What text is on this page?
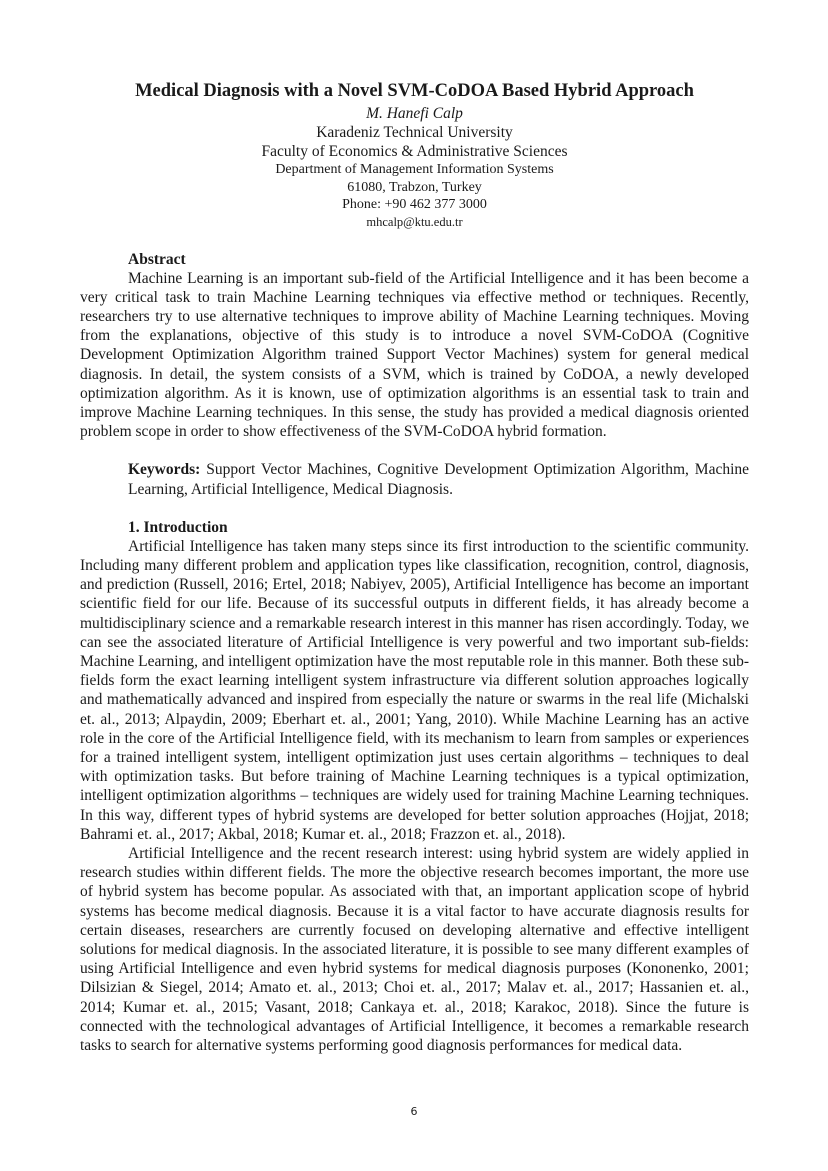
Medical Diagnosis with a Novel SVM-CoDOA Based Hybrid Approach
M. Hanefi Calp
Karadeniz Technical University
Faculty of Economics & Administrative Sciences
Department of Management Information Systems
61080, Trabzon, Turkey
Phone: +90 462 377 3000
mhcalp@ktu.edu.tr
Abstract

Machine Learning is an important sub-field of the Artificial Intelligence and it has been become a very critical task to train Machine Learning techniques via effective method or techniques. Recently, researchers try to use alternative techniques to improve ability of Machine Learning techniques. Moving from the explanations, objective of this study is to introduce a novel SVM-CoDOA (Cognitive Development Optimization Algorithm trained Support Vector Machines) system for general medical diagnosis. In detail, the system consists of a SVM, which is trained by CoDOA, a newly developed optimization algorithm. As it is known, use of optimization algorithms is an essential task to train and improve Machine Learning techniques. In this sense, the study has provided a medical diagnosis oriented problem scope in order to show effectiveness of the SVM-CoDOA hybrid formation.

Keywords: Support Vector Machines, Cognitive Development Optimization Algorithm, Machine Learning, Artificial Intelligence, Medical Diagnosis.

1. Introduction

Artificial Intelligence has taken many steps since its first introduction to the scientific community. Including many different problem and application types like classification, recognition, control, diagnosis, and prediction (Russell, 2016; Ertel, 2018; Nabiyev, 2005), Artificial Intelligence has become an important scientific field for our life. Because of its successful outputs in different fields, it has already become a multidisciplinary science and a remarkable research interest in this manner has risen accordingly. Today, we can see the associated literature of Artificial Intelligence is very powerful and two important sub-fields: Machine Learning, and intelligent optimization have the most reputable role in this manner. Both these sub-fields form the exact learning intelligent system infrastructure via different solution approaches logically and mathematically advanced and inspired from especially the nature or swarms in the real life (Michalski et. al., 2013; Alpaydin, 2009; Eberhart et. al., 2001; Yang, 2010). While Machine Learning has an active role in the core of the Artificial Intelligence field, with its mechanism to learn from samples or experiences for a trained intelligent system, intelligent optimization just uses certain algorithms – techniques to deal with optimization tasks. But before training of Machine Learning techniques is a typical optimization, intelligent optimization algorithms – techniques are widely used for training Machine Learning techniques. In this way, different types of hybrid systems are developed for better solution approaches (Hojjat, 2018; Bahrami et. al., 2017; Akbal, 2018; Kumar et. al., 2018; Frazzon et. al., 2018).

Artificial Intelligence and the recent research interest: using hybrid system are widely applied in research studies within different fields. The more the objective research becomes important, the more use of hybrid system has become popular. As associated with that, an important application scope of hybrid systems has become medical diagnosis. Because it is a vital factor to have accurate diagnosis results for certain diseases, researchers are currently focused on developing alternative and effective intelligent solutions for medical diagnosis. In the associated literature, it is possible to see many different examples of using Artificial Intelligence and even hybrid systems for medical diagnosis purposes (Kononenko, 2001; Dilsizian & Siegel, 2014; Amato et. al., 2013; Choi et. al., 2017; Malav et. al., 2017; Hassanien et. al., 2014; Kumar et. al., 2015; Vasant, 2018; Cankaya et. al., 2018; Karakoc, 2018). Since the future is connected with the technological advantages of Artificial Intelligence, it becomes a remarkable research tasks to search for alternative systems performing good diagnosis performances for medical data.

6
